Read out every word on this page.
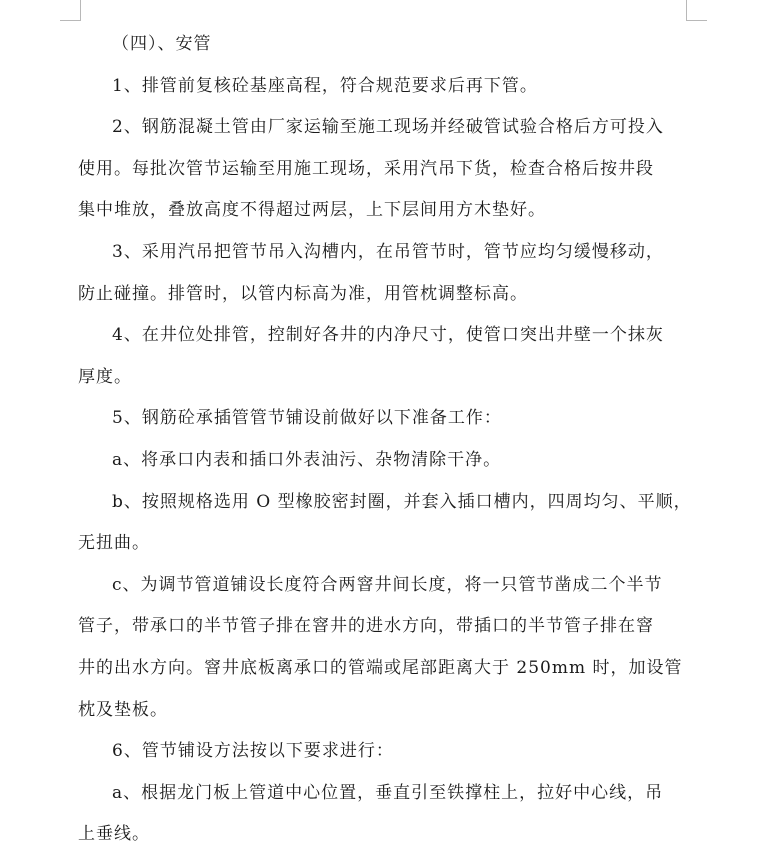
（四）、安管

1、排管前复核砼基座高程，符合规范要求后再下管。

2、钢筋混凝土管由厂家运输至施工现场并经破管试验合格后方可投入
使用。每批次管节运输至用施工现场，采用汽吊下货，检查合格后按井段
集中堆放，叠放高度不得超过两层，上下层间用方木垫好。

3、采用汽吊把管节吊入沟槽内，在吊管节时，管节应均匀缓慢移动，
防止碰撞。排管时，以管内标高为准，用管枕调整标高。

4、在井位处排管，控制好各井的内净尺寸，使管口突出井壁一个抹灰
厚度。

5、钢筋砼承插管管节铺设前做好以下准备工作：

a、将承口内表和插口外表油污、杂物清除干净。

b、按照规格选用 O 型橡胶密封圈，并套入插口槽内，四周均匀、平顺，
无扭曲。

c、为调节管道铺设长度符合两窨井间长度，将一只管节凿成二个半节
管子，带承口的半节管子排在窨井的进水方向，带插口的半节管子排在窨
井的出水方向。窨井底板离承口的管端或尾部距离大于 250mm 时，加设管
枕及垫板。

6、管节铺设方法按以下要求进行：

a、根据龙门板上管道中心位置，垂直引至铁撑柱上，拉好中心线，吊
上垂线。
